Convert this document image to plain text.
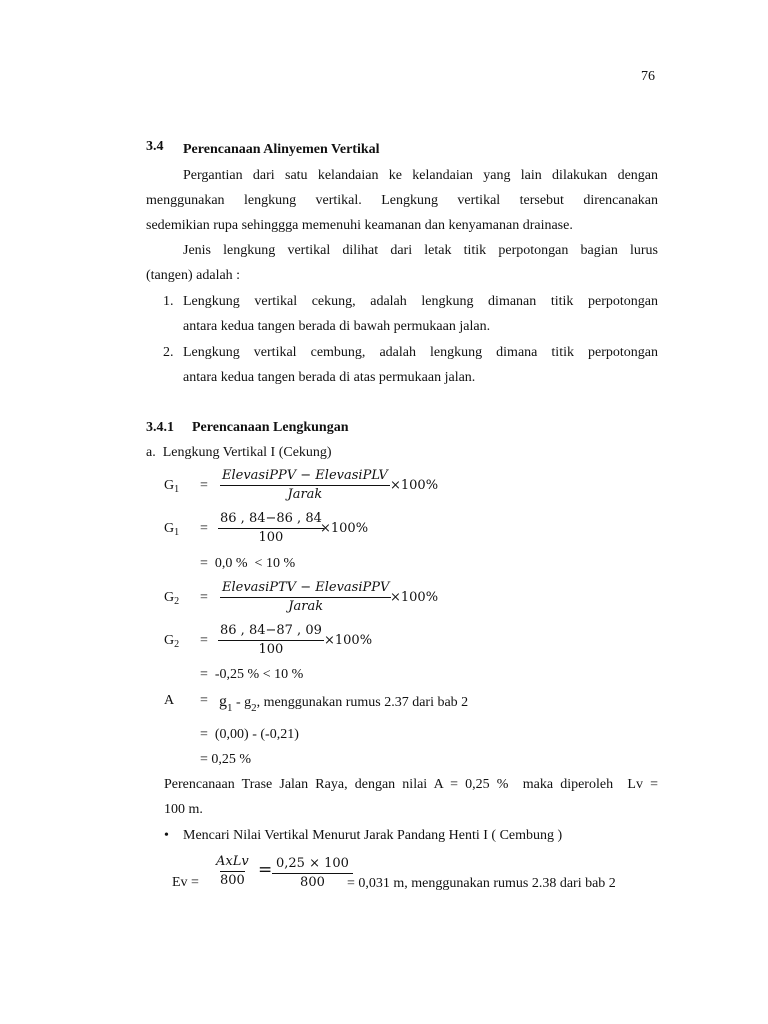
76
3.4 Perencanaan Alinyemen Vertikal
Pergantian dari satu kelandaian ke kelandaian yang lain dilakukan dengan
menggunakan lengkung vertikal. Lengkung vertikal tersebut direncanakan
sedemikian rupa sehinggga memenuhi keamanan dan kenyamanan drainase.
Jenis lengkung vertikal dilihat dari letak titik perpotongan bagian lurus
(tangen) adalah :
1. Lengkung vertikal cekung, adalah lengkung dimanan titik perpotongan
antara kedua tangen berada di bawah permukaan jalan.
2. Lengkung vertikal cembung, adalah lengkung dimana titik perpotongan
antara kedua tangen berada di atas permukaan jalan.
3.4.1 Perencanaan Lengkungan
a.  Lengkung Vertikal I (Cekung)
$G_1$ =
ElevasiPPV − ElevasiPLV
Jarak
×100%
$G_1 = \frac{86 , 84-86 , 84}{100}$
×100%
=  0,0 %  < 10 %
$G_2$ =
ElevasiPTV − ElevasiPPV
Jarak
×100%
$G_2 = \frac{86 , 84-87 , 09}{100} \times 100\%$
=  -0,25 % < 10 %
$A = g_1 - g_2$, menggunakan rumus 2.37 dari bab 2
=  (0,00) - (-0,21)
= 0,25 %
Perencanaan Trase Jalan Raya, dengan nilai A = 0,25 %  maka diperoleh  Lv =
100 m.
• Mencari Nilai Vertikal Menurut Jarak Pandang Henti I ( Cembung )
Ev =
AxLv
800
= $\frac{0,25 \times 100}{800}$
= 0,031 m, menggunakan rumus 2.38 dari bab 2
